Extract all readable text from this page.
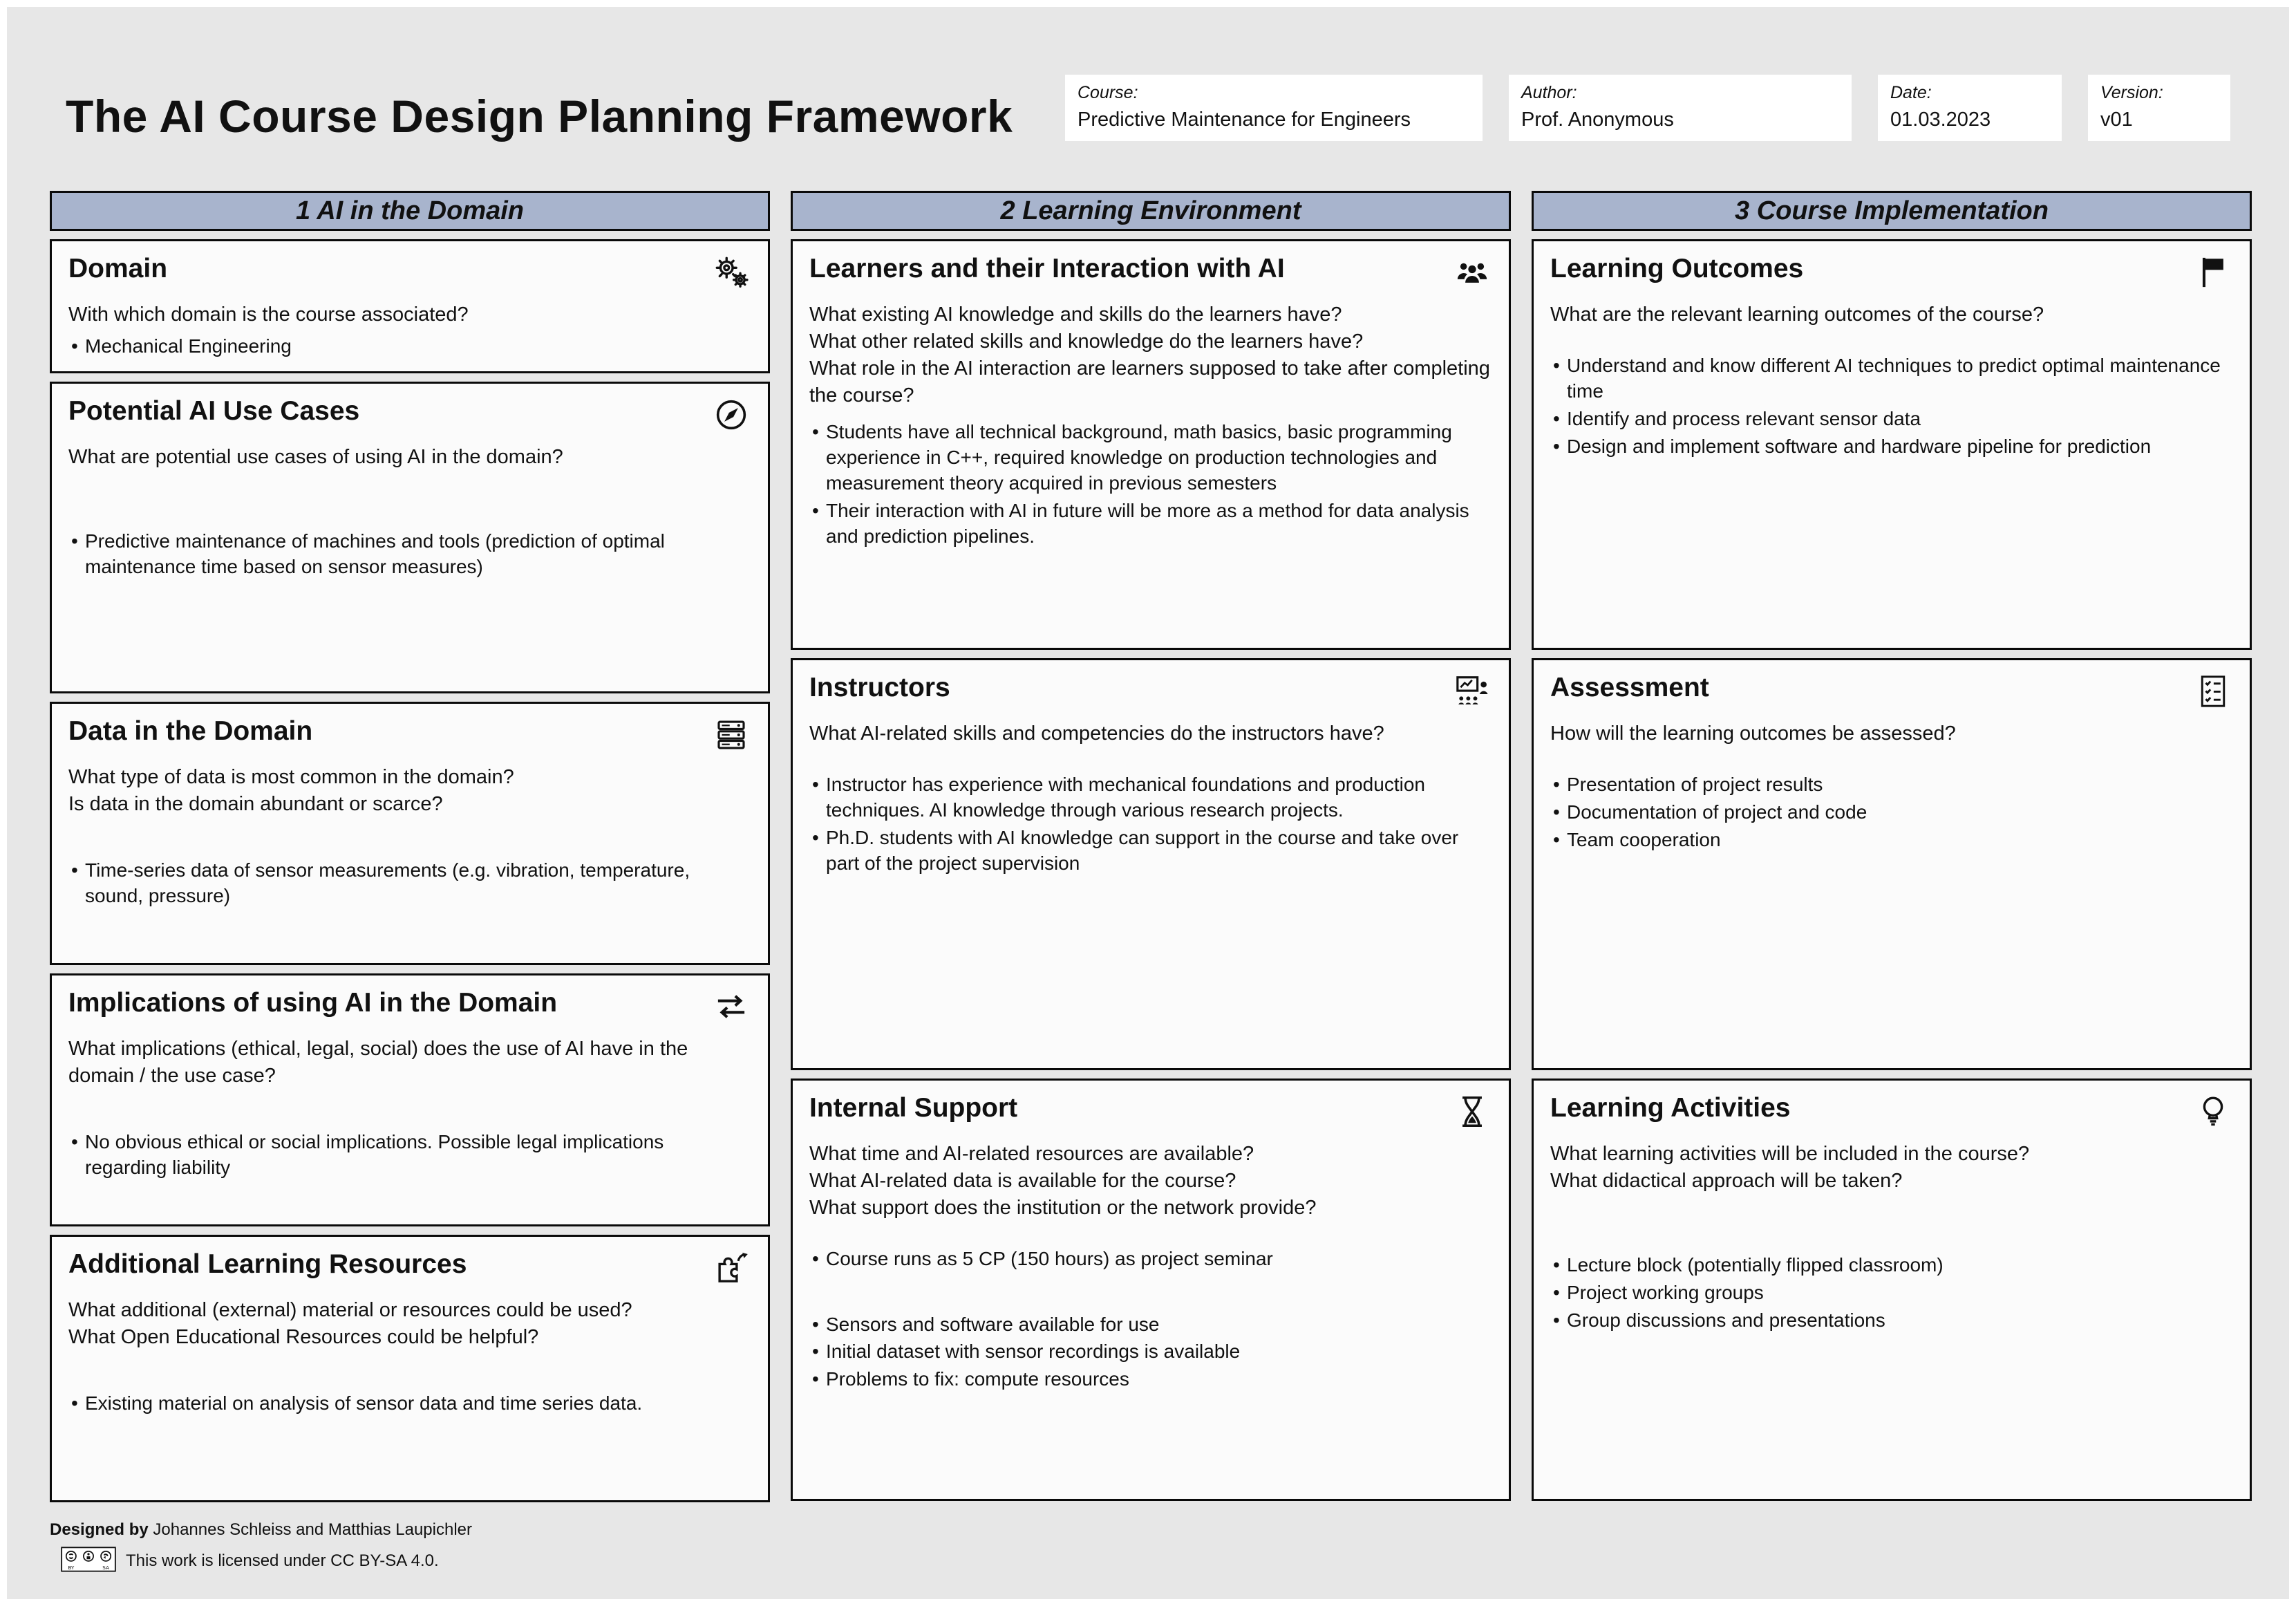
The AI Course Design Planning Framework	Course:
Predictive Maintenance for Engineers
Author:
Prof. Anonymous
Date:
01.03.2023
Version:
v01
1 AI in the Domain
Domain

With which domain is the course associated?

• Mechanical Engineering
Potential AI Use Cases

What are potential use cases of using AI in the domain?

• Predictive maintenance of machines and tools (prediction of optimal maintenance time based on sensor measures)
Data in the Domain

What type of data is most common in the domain?

Is data in the domain abundant or scarce?

• Time-series data of sensor measurements (e.g. vibration, temperature, sound, pressure)
Implications of using AI in the Domain

What implications (ethical, legal, social) does the use of AI have in the domain / the use case?

• No obvious ethical or social implications. Possible legal implications regarding liability
Additional Learning Resources

What additional (external) material or resources could be used?

What Open Educational Resources could be helpful?

• Existing material on analysis of sensor data and time series data.
2 Learning Environment
Learners and their Interaction with AI

What existing AI knowledge and skills do the learners have?

What other related skills and knowledge do the learners have?

What role in the AI interaction are learners supposed to take after completing the course?

• Students have all technical background, math basics, basic programming experience in C++, required knowledge on production technologies and measurement theory acquired in previous semesters
• Their interaction with AI in future will be more as a method for data analysis and prediction pipelines.
Instructors

What AI-related skills and competencies do the instructors have?

• Instructor has experience with mechanical foundations and production techniques. AI knowledge through various research projects.
• Ph.D. students with AI knowledge can support in the course and take over part of the project supervision
Internal Support

What time and AI-related resources are available?

What AI-related data is available for the course?

What support does the institution or the network provide?

• Course runs as 5 CP (150 hours) as project seminar
• Sensors and software available for use
• Initial dataset with sensor recordings is available
• Problems to fix: compute resources
3 Course Implementation
Learning Outcomes

What are the relevant learning outcomes of the course?

• Understand and know different AI techniques to predict optimal maintenance time
• Identify and process relevant sensor data
• Design and implement software and hardware pipeline for prediction
Assessment

How will the learning outcomes be assessed?

• Presentation of project results
• Documentation of project and code
• Team cooperation
Learning Activities

What learning activities will be included in the course?

What didactical approach will be taken?

• Lecture block (potentially flipped classroom)
• Project working groups
• Group discussions and presentations
Designed by Johannes Schleiss and Matthias Laupichler
BY	SA This work is licensed under CC BY-SA 4.0.
